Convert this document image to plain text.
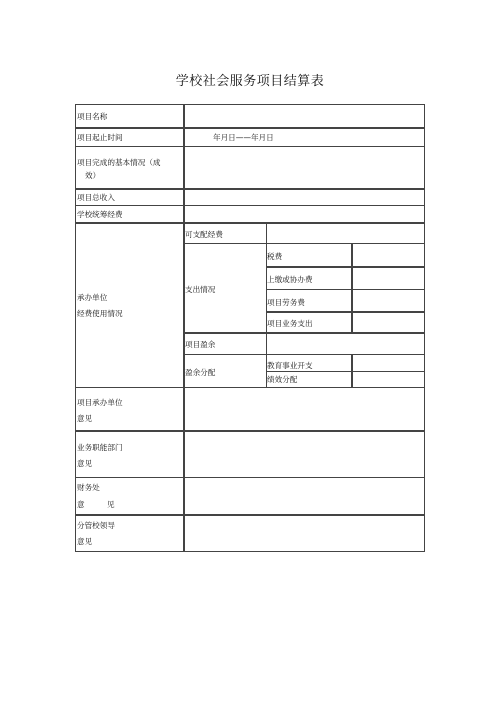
学校社会服务项目结算表
项目名称
项目起止时间	年月日——年月日
项目完成的基本情况（成
效）
项目总收入
学校统筹经费
承办单位
经费使用情况
可支配经费
支出情况
税费
上缴或协办费
项目劳务费
项目业务支出
项目盈余
盈余分配
教育事业开支
绩效分配
项目承办单位
意见
业务职能部门
意见
财务处
意	见
分管校领导
意见
